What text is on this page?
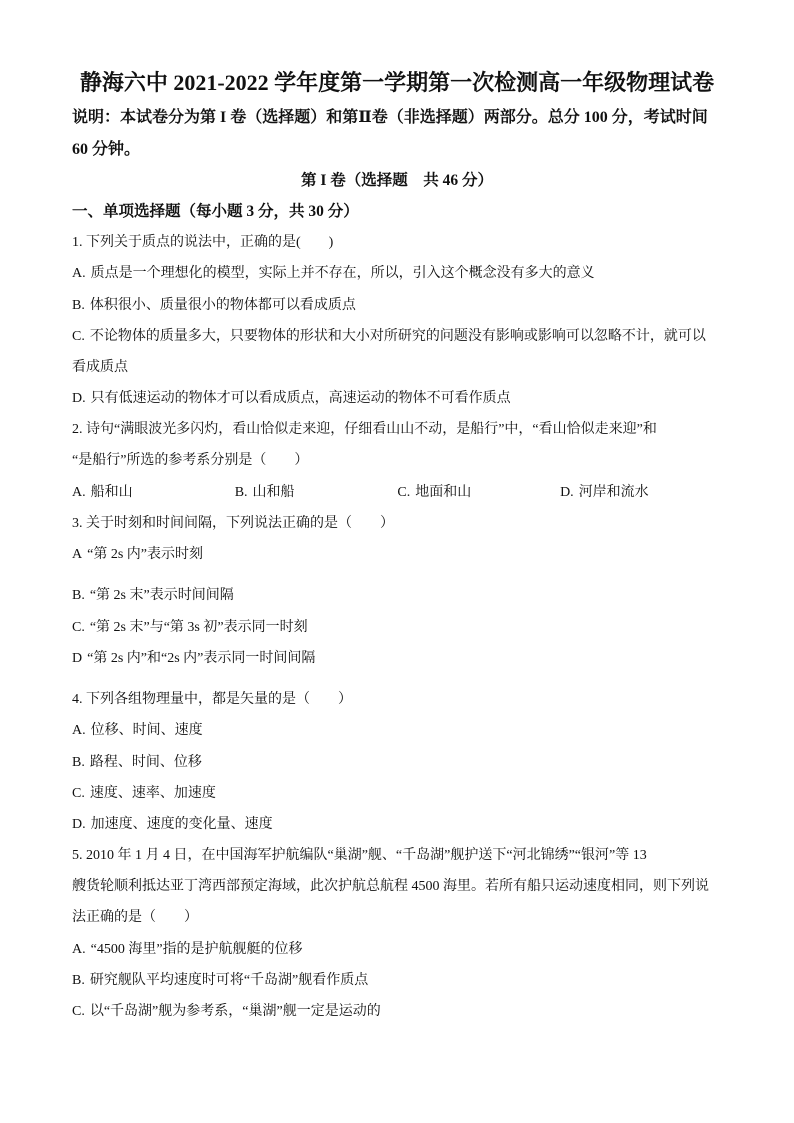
静海六中 2021-2022 学年度第一学期第一次检测高一年级物理试卷
说明：本试卷分为第 I 卷（选择题）和第Ⅱ卷（非选择题）两部分。总分 100 分，考试时间
60 分钟。
第 I 卷（选择题　共 46 分）
一、单项选择题（每小题 3 分，共 30 分）
1. 下列关于质点的说法中，正确的是(　　)
A. 质点是一个理想化的模型，实际上并不存在，所以，引入这个概念没有多大的意义
B. 体积很小、质量很小的物体都可以看成质点
C. 不论物体的质量多大，只要物体的形状和大小对所研究的问题没有影响或影响可以忽略不计，就可以
看成质点
D. 只有低速运动的物体才可以看成质点，高速运动的物体不可看作质点
2. 诗句“满眼波光多闪灼，看山恰似走来迎，仔细看山山不动，是船行”中，“看山恰似走来迎”和
“是船行”所选的参考系分别是（　　）
A. 船和山	B. 山和船	C. 地面和山	D. 河岸和流水
3. 关于时刻和时间间隔，下列说法正确的是（　　）
A “第 2s 内”表示时刻
B. “第 2s 末”表示时间间隔
C. “第 2s 末”与“第 3s 初”表示同一时刻
D “第 2s 内”和“2s 内”表示同一时间间隔
4. 下列各组物理量中，都是矢量的是（　　）
A. 位移、时间、速度
B. 路程、时间、位移
C. 速度、速率、加速度
D. 加速度、速度的变化量、速度
5. 2010 年 1 月 4 日，在中国海军护航编队“巢湖”舰、“千岛湖”舰护送下“河北锦绣”“银河”等 13
艘货轮顺利抵达亚丁湾西部预定海域，此次护航总航程 4500 海里。若所有船只运动速度相同，则下列说
法正确的是（　　）
A. “4500 海里”指的是护航舰艇的位移
B. 研究舰队平均速度时可将“千岛湖”舰看作质点
C. 以“千岛湖”舰为参考系，“巢湖”舰一定是运动的
